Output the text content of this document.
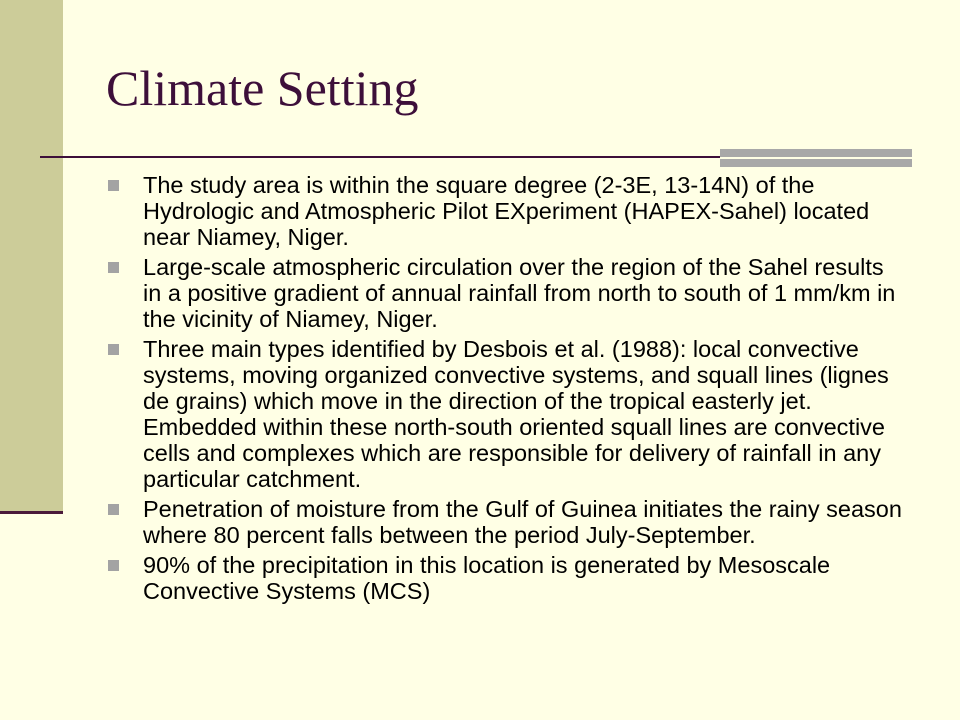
Climate Setting
The study area is within the square degree (2-3E, 13-14N) of the Hydrologic and Atmospheric Pilot EXperiment (HAPEX-Sahel) located near Niamey, Niger.
Large-scale atmospheric circulation over the region of the Sahel results in a positive gradient of annual rainfall from north to south of 1 mm/km in the vicinity of Niamey, Niger.
Three main types identified by Desbois et al. (1988): local convective systems, moving organized convective systems, and squall lines (lignes de grains) which move in the direction of the tropical easterly jet. Embedded within these north-south oriented squall lines are convective cells and complexes which are responsible for delivery of rainfall in any particular catchment.
Penetration of moisture from the Gulf of Guinea initiates the rainy season where 80 percent falls between the period July-September.
90% of the precipitation in this location is generated by Mesoscale Convective Systems (MCS)
